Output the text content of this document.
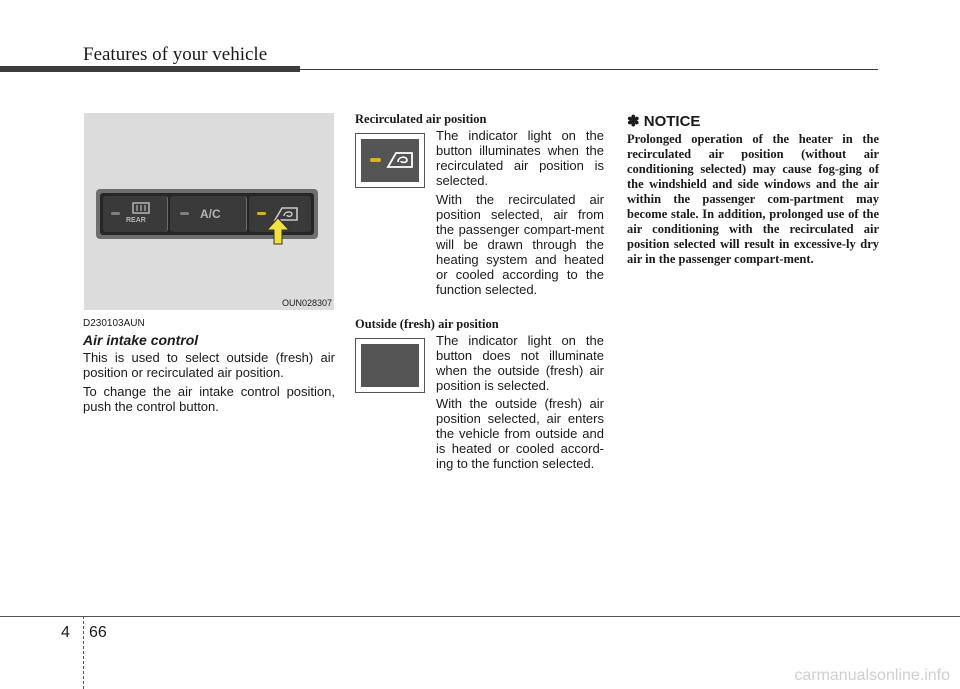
Features of your vehicle
REAR	A/C
OUN028307
D230103AUN
Air intake control

This is used to select outside (fresh) air position or recirculated air position.

To change the air intake control position, push the control button.

Recirculated air position

The indicator light on the button illuminates when the recirculated air position is selected.

With the recirculated air position selected, air from the passenger compart-ment will be drawn through the heating system and heated or cooled according to the function selected.

Outside (fresh) air position

The indicator light on the button does not illuminate when the outside (fresh) air position is selected.

With the outside (fresh) air position selected, air enters the vehicle from outside and is heated or cooled accord-ing to the function selected.

✽ NOTICE

Prolonged operation of the heater in the recirculated air position (without air conditioning selected) may cause fog-ging of the windshield and side windows and the air within the passenger com-partment may become stale. In addition, prolonged use of the air conditioning with the recirculated air position selected will result in excessive-ly dry air in the passenger compart-ment.

4 66
carmanualsonline.info
